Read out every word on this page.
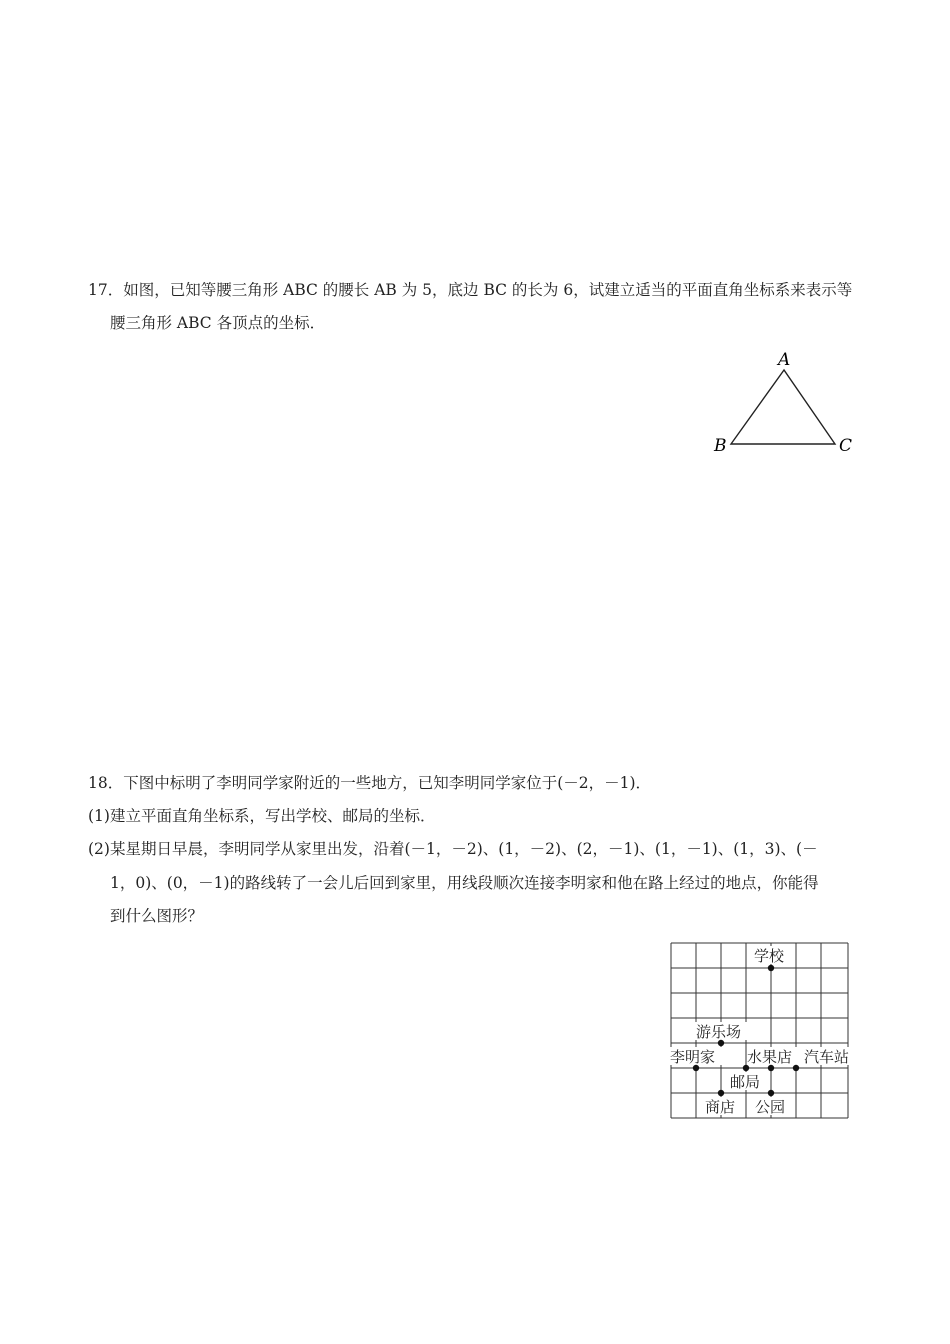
17．如图，已知等腰三角形 ABC 的腰长 AB 为 5，底边 BC 的长为 6，试建立适当的平面直角坐标系来表示等
腰三角形 ABC 各顶点的坐标．
A
B	C
18．下图中标明了李明同学家附近的一些地方，已知李明同学家位于(－2，－1)．
(1)建立平面直角坐标系，写出学校、邮局的坐标．
(2)某星期日早晨，李明同学从家里出发，沿着(－1，－2)、(1，－2)、(2，－1)、(1，－1)、(1，3)、(－
1，0)、(0，－1)的路线转了一会儿后回到家里，用线段顺次连接李明家和他在路上经过的地点，你能得
到什么图形？
学校
游乐场
李明家 水果店 汽车站
邮局
商店 公园
